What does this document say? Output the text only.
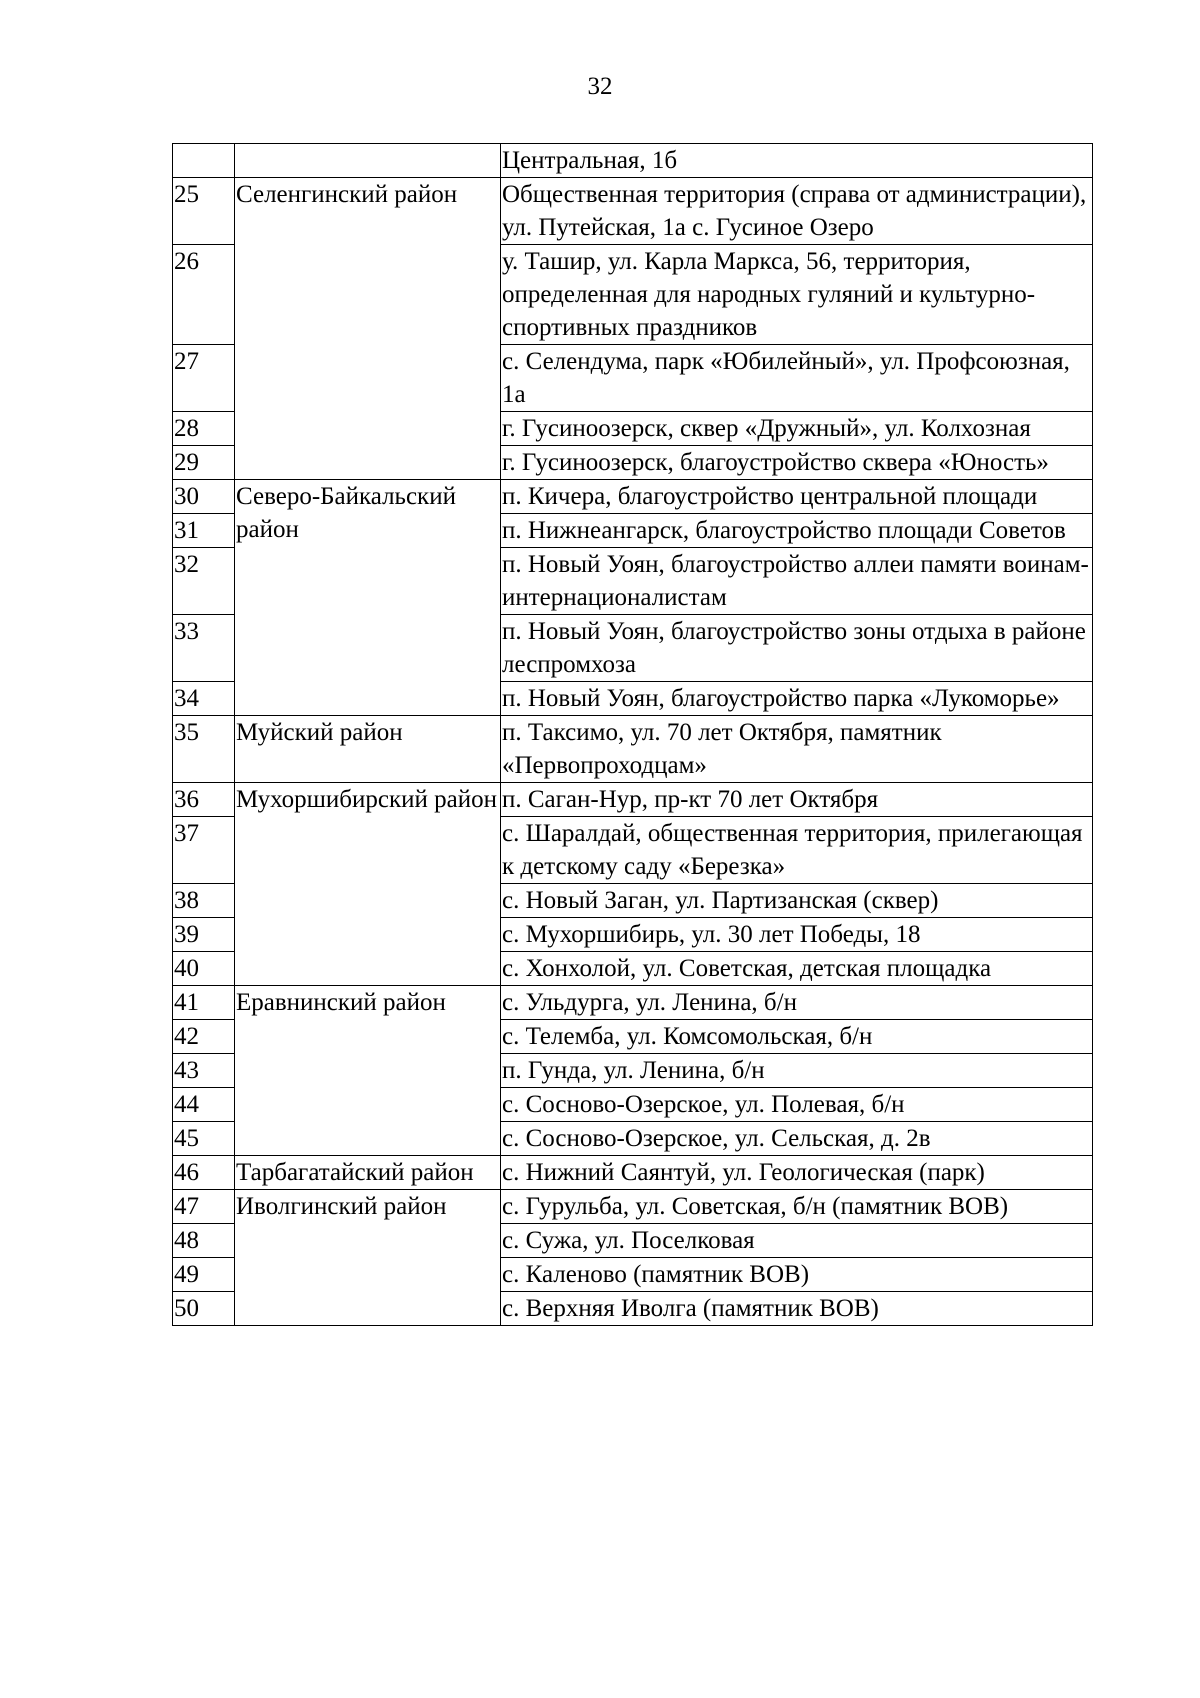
32
		Центральная, 1б
25	Селенгинский район	Общественная территория (справа от администрации), ул. Путейская, 1а с. Гусиное Озеро
26		у. Ташир, ул. Карла Маркса, 56, территория, определенная для народных гуляний и культурно-спортивных праздников
27		с. Селендума, парк «Юбилейный», ул. Профсоюзная, 1а
28		г. Гусиноозерск, сквер «Дружный», ул. Колхозная
29		г. Гусиноозерск, благоустройство сквера «Юность»
30	Северо-Байкальский район	п. Кичера, благоустройство центральной площади
31		п. Нижнеангарск, благоустройство площади Советов
32		п. Новый Уоян, благоустройство аллеи памяти воинам-интернационалистам
33		п. Новый Уоян, благоустройство зоны отдыха в районе леспромхоза
34		п. Новый Уоян, благоустройство парка «Лукоморье»
35	Муйский район	п. Таксимо, ул. 70 лет Октября, памятник «Первопроходцам»
36	Мухоршибирский район	п. Саган-Нур, пр-кт 70 лет Октября
37		с. Шаралдай, общественная территория, прилегающая к детскому саду «Березка»
38		с. Новый Заган, ул. Партизанская (сквер)
39		с. Мухоршибирь, ул. 30 лет Победы, 18
40		с. Хонхолой, ул. Советская, детская площадка
41	Еравнинский район	с. Ульдурга, ул. Ленина, б/н
42		с. Телемба, ул. Комсомольская, б/н
43		п. Гунда, ул. Ленина, б/н
44		с. Сосново-Озерское, ул. Полевая, б/н
45		с. Сосново-Озерское, ул. Сельская, д. 2в
46	Тарбагатайский район	с. Нижний Саянтуй, ул. Геологическая (парк)
47	Иволгинский район	с. Гурульба, ул. Советская, б/н (памятник ВОВ)
48		с. Сужа, ул. Поселковая
49		с. Каленово (памятник ВОВ)
50		с. Верхняя Иволга (памятник ВОВ)
